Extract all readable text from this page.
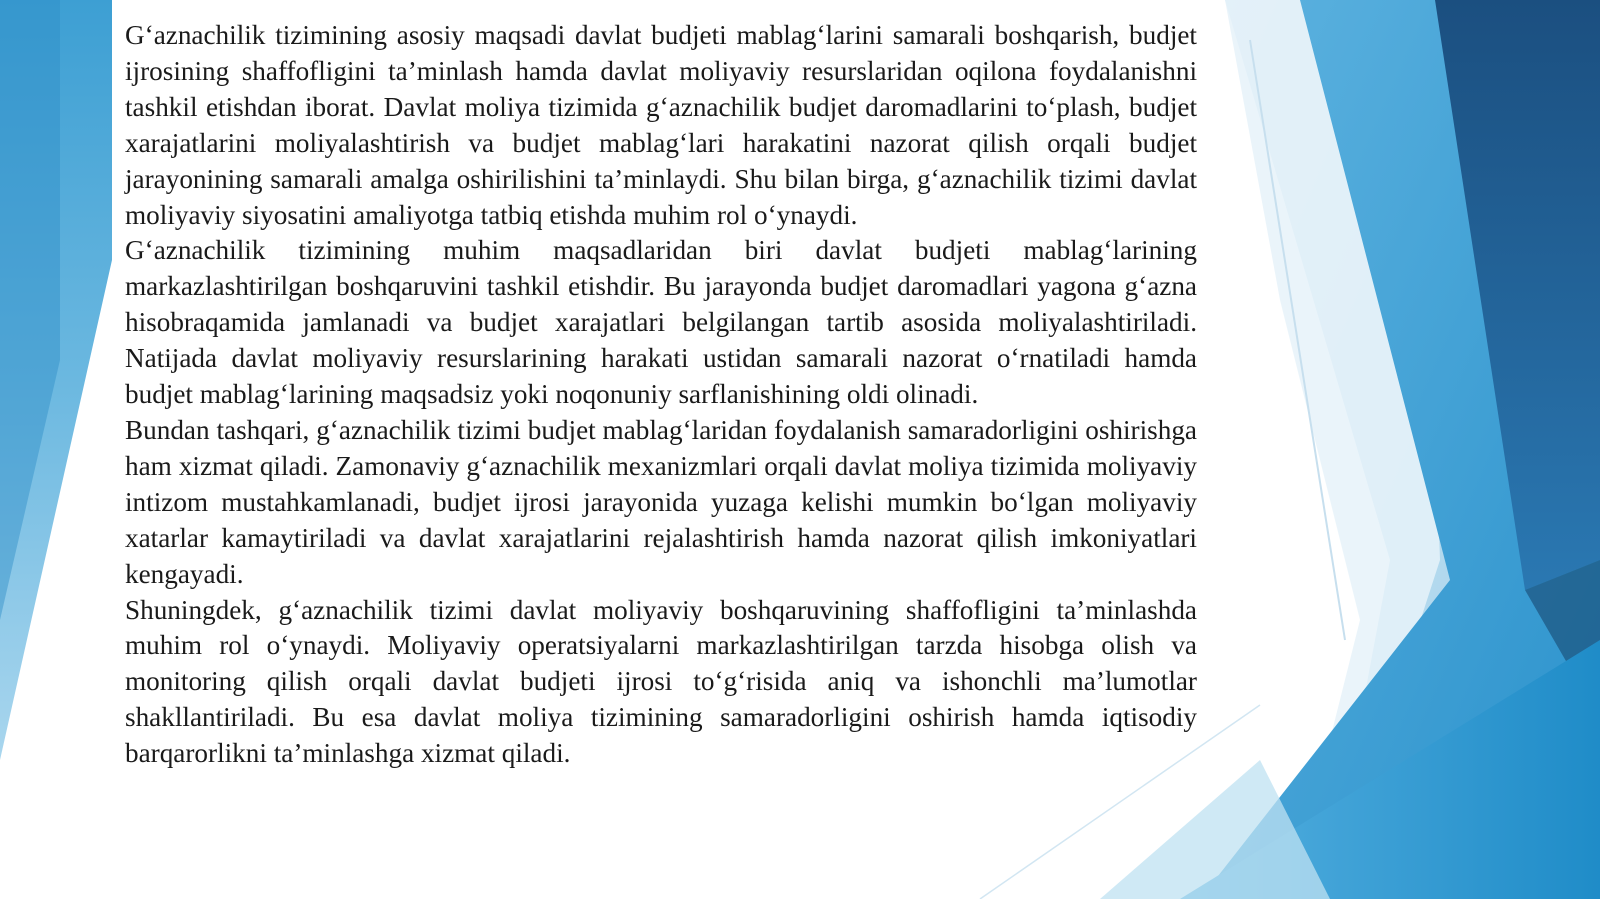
G‘aznachilik tizimining asosiy maqsadi davlat budjeti mablag‘larini samarali boshqarish, budjet ijrosining shaffofligini ta’minlash hamda davlat moliyaviy resurslaridan oqilona foydalanishni tashkil etishdan iborat. Davlat moliya tizimida g‘aznachilik budjet daromadlarini to‘plash, budjet xarajatlarini moliyalashtirish va budjet mablag‘lari harakatini nazorat qilish orqali budjet jarayonining samarali amalga oshirilishini ta’minlaydi. Shu bilan birga, g‘aznachilik tizimi davlat moliyaviy siyosatini amaliyotga tatbiq etishda muhim rol o‘ynaydi.

G‘aznachilik tizimining muhim maqsadlaridan biri davlat budjeti mablag‘larining markazlashtirilgan boshqaruvini tashkil etishdir. Bu jarayonda budjet daromadlari yagona g‘azna hisobraqamida jamlanadi va budjet xarajatlari belgilangan tartib asosida moliyalashtiriladi. Natijada davlat moliyaviy resurslarining harakati ustidan samarali nazorat o‘rnatiladi hamda budjet mablag‘larining maqsadsiz yoki noqonuniy sarflanishining oldi olinadi.

Bundan tashqari, g‘aznachilik tizimi budjet mablag‘laridan foydalanish samaradorligini oshirishga ham xizmat qiladi. Zamonaviy g‘aznachilik mexanizmlari orqali davlat moliya tizimida moliyaviy intizom mustahkamlanadi, budjet ijrosi jarayonida yuzaga kelishi mumkin bo‘lgan moliyaviy xatarlar kamaytiriladi va davlat xarajatlarini rejalashtirish hamda nazorat qilish imkoniyatlari kengayadi.

Shuningdek, g‘aznachilik tizimi davlat moliyaviy boshqaruvining shaffofligini ta’minlashda muhim rol o‘ynaydi. Moliyaviy operatsiyalarni markazlashtirilgan tarzda hisobga olish va monitoring qilish orqali davlat budjeti ijrosi to‘g‘risida aniq va ishonchli ma’lumotlar shakllantiriladi. Bu esa davlat moliya tizimining samaradorligini oshirish hamda iqtisodiy barqarorlikni ta’minlashga xizmat qiladi.
